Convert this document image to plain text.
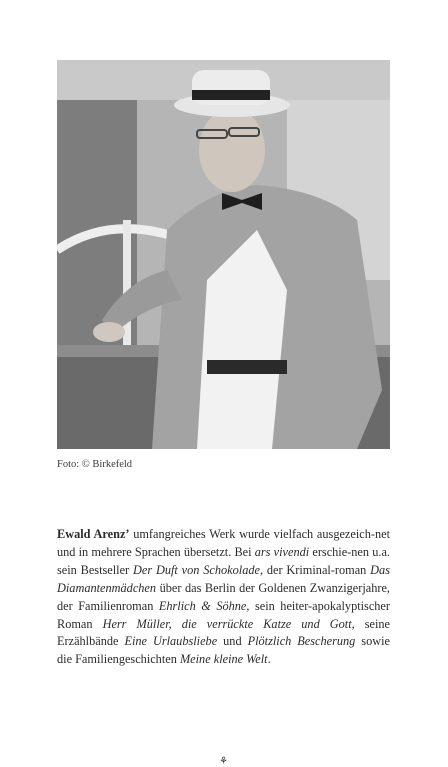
Foto: © Birkefeld
Ewald Arenz’ umfangreiches Werk wurde vielfach ausgezeich-net und in mehrere Sprachen übersetzt. Bei ars vivendi erschie-nen u.a. sein Bestseller Der Duft von Schokolade, der Kriminal-roman Das Diamantenmädchen über das Berlin der Goldenen Zwanzigerjahre, der Familienroman Ehrlich & Söhne, sein heiter-apokalyptischer Roman Herr Müller, die verrückte Katze und Gott, seine Erzählbände Eine Urlaubsliebe und Plötzlich Bescherung sowie die Familiengeschichten Meine kleine Welt.
⚘
